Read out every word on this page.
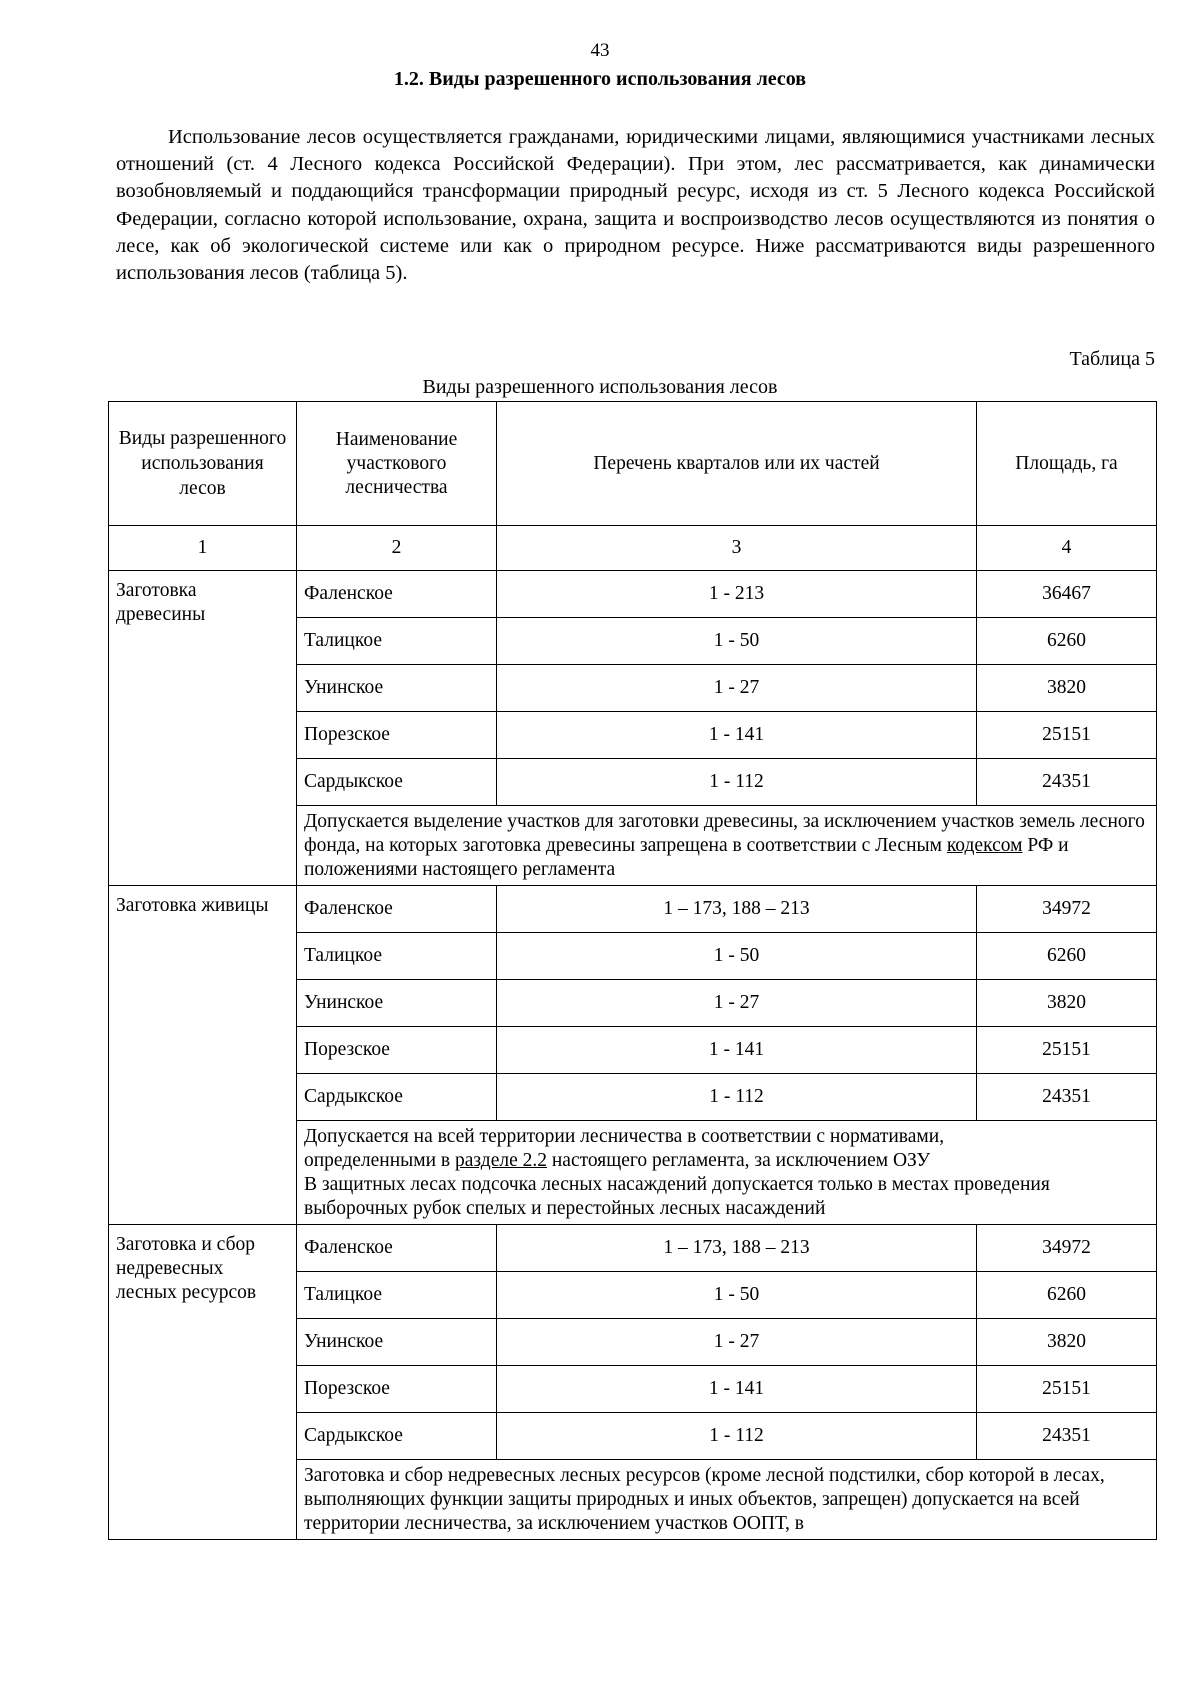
43
1.2. Виды разрешенного использования лесов

Использование лесов осуществляется гражданами, юридическими лицами, являющимися участниками лесных отношений (ст. 4 Лесного кодекса Российской Федерации). При этом, лес рассматривается, как динамически возобновляемый и поддающийся трансформации природный ресурс, исходя из ст. 5 Лесного кодекса Российской Федерации, согласно которой использование, охрана, защита и воспроизводство лесов осуществляются из понятия о лесе, как об экологической системе или как о природном ресурсе. Ниже рассматриваются виды разрешенного использования лесов (таблица 5).

Таблица 5
Виды разрешенного использования лесов
Виды разрешенного использования лесов	Наименование участкового лесничества	Перечень кварталов или их частей	Площадь, га
1	2	3	4
Заготовка древесины	Фаленское	1 - 213	36467
	Талицкое	1 - 50	6260
	Унинское	1 - 27	3820
	Порезское	1 - 141	25151
	Сардыкское	1 - 112	24351
	Допускается выделение участков для заготовки древесины, за исключением участков земель лесного фонда, на которых заготовка древесины запрещена в соответствии с Лесным кодексом РФ и положениями настоящего регламента		
Заготовка живицы	Фаленское	1 – 173, 188 – 213	34972
	Талицкое	1 - 50	6260
	Унинское	1 - 27	3820
	Порезское	1 - 141	25151
	Сардыкское	1 - 112	24351
	Допускается на всей территории лесничества в соответствии с нормативами,
определенными в разделе 2.2 настоящего регламента, за исключением ОЗУ
В защитных лесах подсочка лесных насаждений допускается только в местах проведения выборочных рубок спелых и перестойных лесных насаждений		
Заготовка и сбор недревесных лесных ресурсов	Фаленское	1 – 173, 188 – 213	34972
	Талицкое	1 - 50	6260
	Унинское	1 - 27	3820
	Порезское	1 - 141	25151
	Сардыкское	1 - 112	24351
	Заготовка и сбор недревесных лесных ресурсов (кроме лесной подстилки, сбор которой в лесах, выполняющих функции защиты природных и иных объектов, запрещен) допускается на всей территории лесничества, за исключением участков ООПТ, в		
